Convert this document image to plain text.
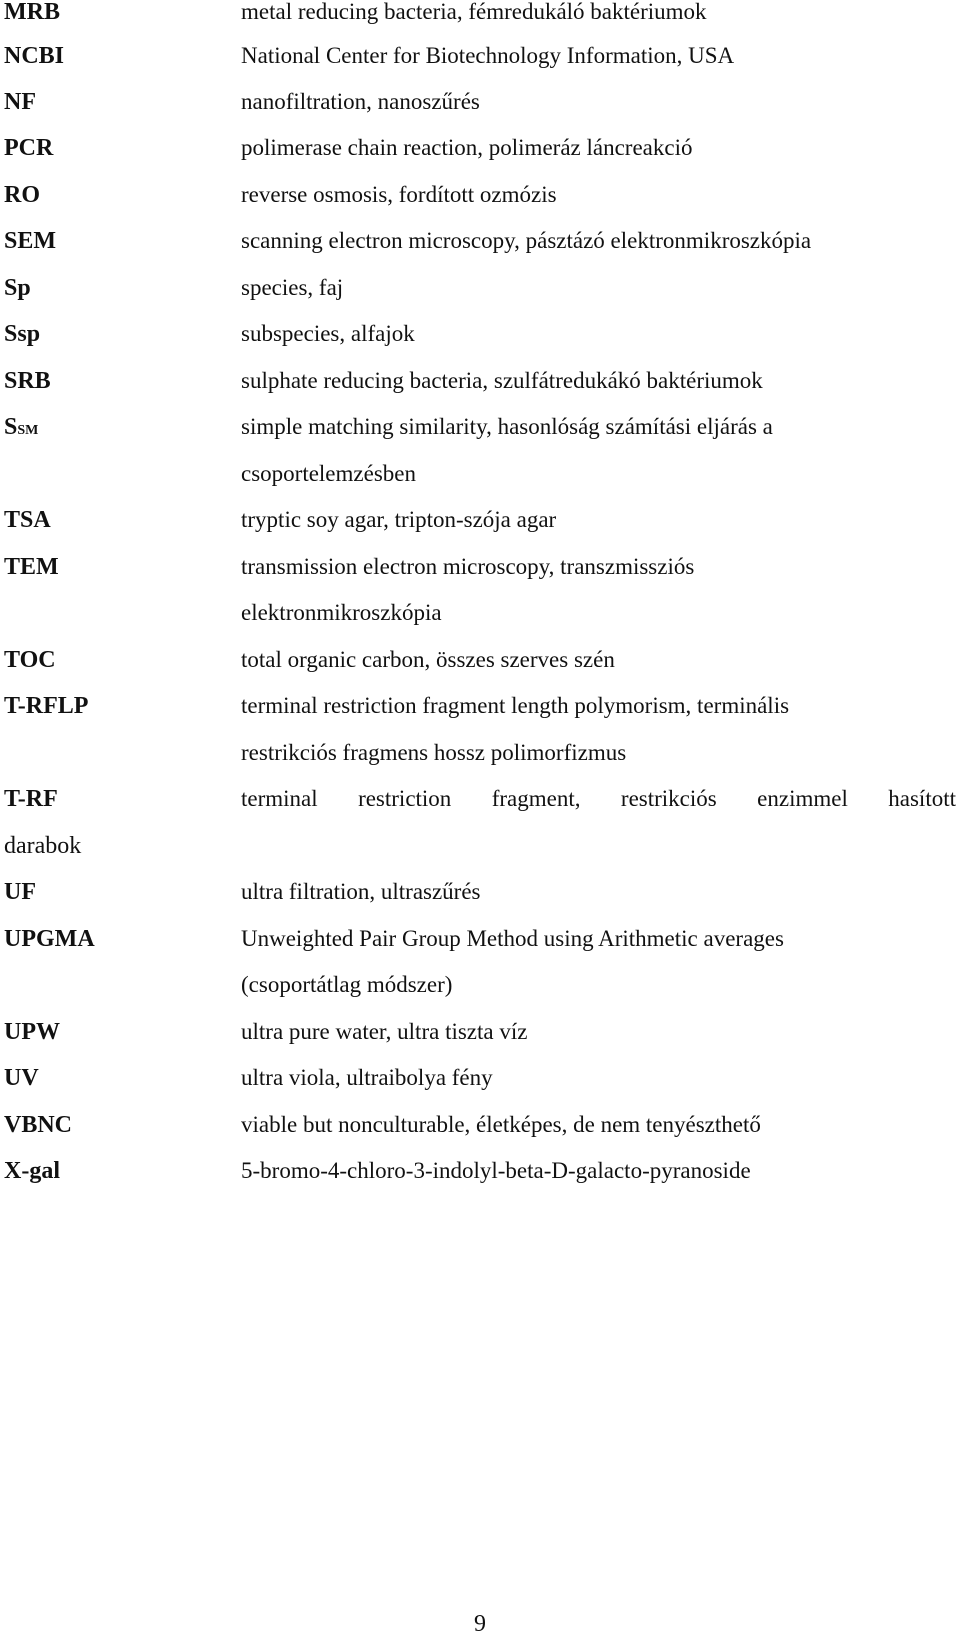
MRB	metal reducing bacteria, fémredukáló baktériumok
NCBI	National Center for Biotechnology Information, USA
NF	nanofiltration, nanoszűrés
PCR	polimerase chain reaction, polimeráz láncreakció
RO	reverse osmosis, fordított ozmózis
SEM	scanning electron microscopy, pásztázó elektronmikroszkópia
Sp	species, faj
Ssp	subspecies, alfajok
SRB	sulphate reducing bacteria, szulfátredukákó baktériumok
SSM	simple matching similarity, hasonlóság számítási eljárás a
csoportelemzésben
TSA	tryptic soy agar, tripton-szója agar
TEM	transmission electron microscopy, transzmissziós
elektronmikroszkópia
TOC	total organic carbon, összes szerves szén
T-RFLP	terminal restriction fragment length polymorism, terminális
restrikciós fragmens hossz polimorfizmus
T-RF	terminal restriction fragment, restrikciós enzimmel hasított
darabok
UF	ultra filtration, ultraszűrés
UPGMA	Unweighted Pair Group Method using Arithmetic averages
(csoportátlag módszer)
UPW	ultra pure water, ultra tiszta víz
UV	ultra viola, ultraibolya fény
VBNC	viable but nonculturable, életképes, de nem tenyészthető
X-gal	5-bromo-4-chloro-3-indolyl-beta-D-galacto-pyranoside
9
